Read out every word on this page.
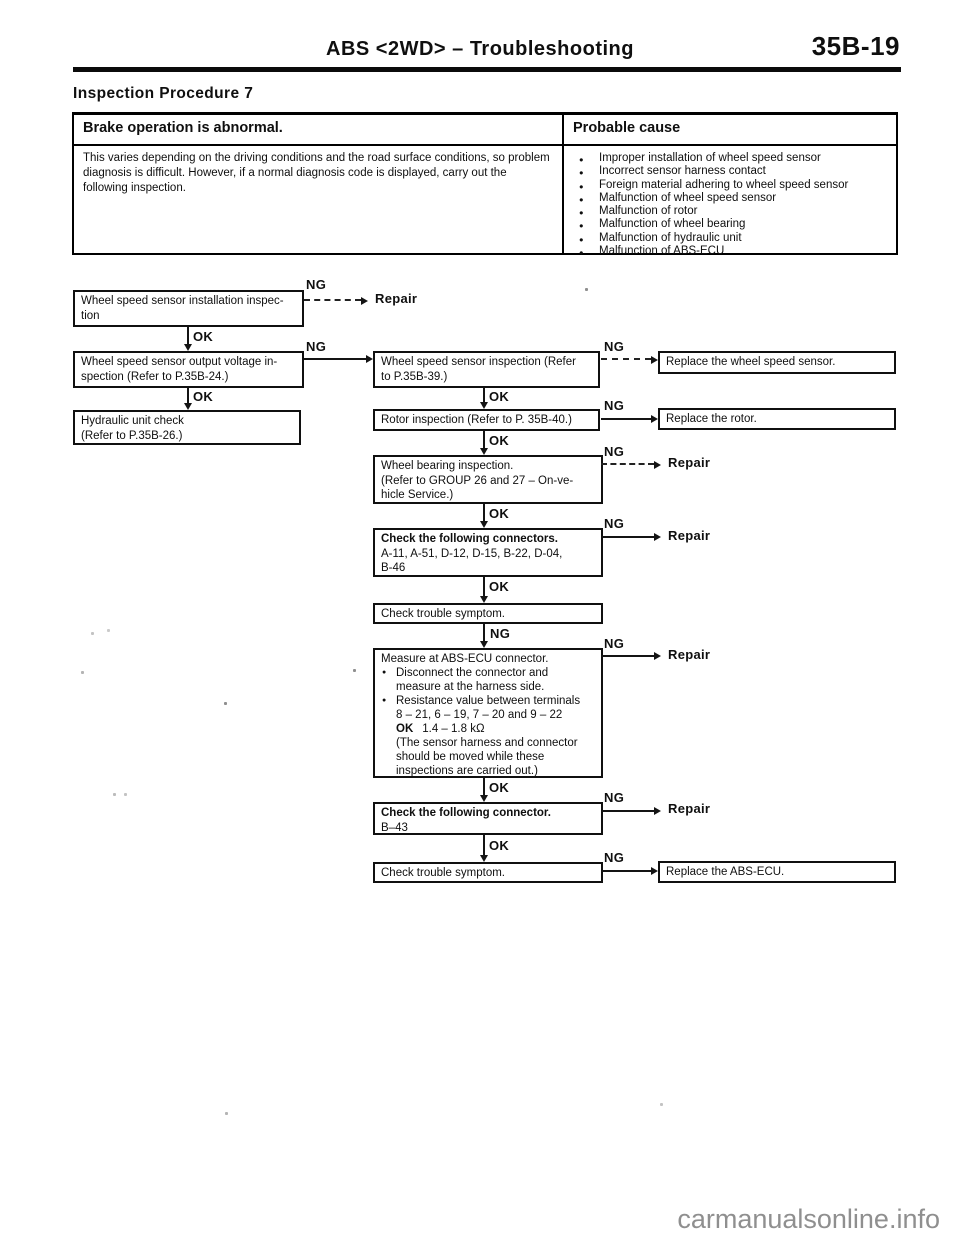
ABS <2WD> – Troubleshooting	35B-19
Inspection Procedure 7
Brake operation is abnormal.	Probable cause
This varies depending on the driving conditions and the road surface conditions, so problem diagnosis is difficult. However, if a normal diagnosis code is displayed, carry out the following inspection.
● Improper installation of wheel speed sensor
● Incorrect sensor harness contact
● Foreign material adhering to wheel speed sensor
● Malfunction of wheel speed sensor
● Malfunction of rotor
● Malfunction of wheel bearing
● Malfunction of hydraulic unit
● Malfunction of ABS-ECU
Wheel speed sensor installation inspec-
tion
Wheel speed sensor output voltage in-
spection (Refer to P.35B-24.)
Hydraulic unit check
(Refer to P.35B-26.)
Wheel speed sensor inspection (Refer
to P.35B-39.)
Rotor inspection (Refer to P. 35B-40.)
Wheel bearing inspection.
(Refer to GROUP 26 and 27 – On-ve-
hicle Service.)
Check the following connectors.
A-11, A-51, D-12, D-15, B-22, D-04,
B-46
Check trouble symptom.
Measure at ABS-ECU connector.
● Disconnect the connector and
measure at the harness side.
● Resistance value between terminals
8 – 21, 6 – 19, 7 – 20 and 9 – 22
OK 1.4 – 1.8 kΩ
(The sensor harness and connector
should be moved while these
inspections are carried out.)
Check the following connector.
B–43
Check trouble symptom.
Replace the wheel speed sensor.
Replace the rotor.
Replace the ABS-ECU.
OK
OK	OK
OK
OK
OK
NG
OK
OK
NG
Repair
NG	NG
NG
NG
Repair
NG
Repair
NG
Repair
NG
Repair
NG
carmanualsonline.info
